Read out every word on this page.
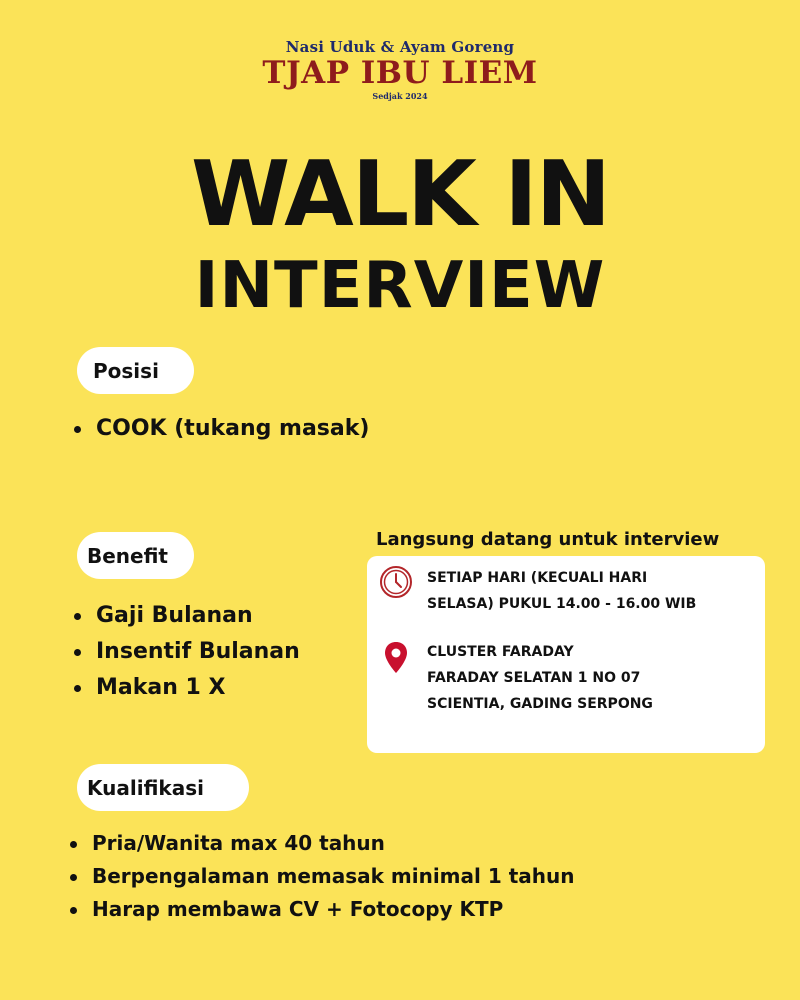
Nasi Uduk & Ayam Goreng
TJAP IBU LIEM
Sedjak 2024
WALK IN
INTERVIEW
Posisi
COOK (tukang masak)
Benefit
Gaji Bulanan
Insentif Bulanan
Makan 1 X
Kualifikasi
Pria/Wanita max 40 tahun
Berpengalaman memasak minimal 1 tahun
Harap membawa CV + Fotocopy KTP
Langsung datang untuk interview
SETIAP HARI (KECUALI HARI
SELASA) PUKUL 14.00 - 16.00 WIB
CLUSTER FARADAY
FARADAY SELATAN 1 NO 07
SCIENTIA, GADING SERPONG
